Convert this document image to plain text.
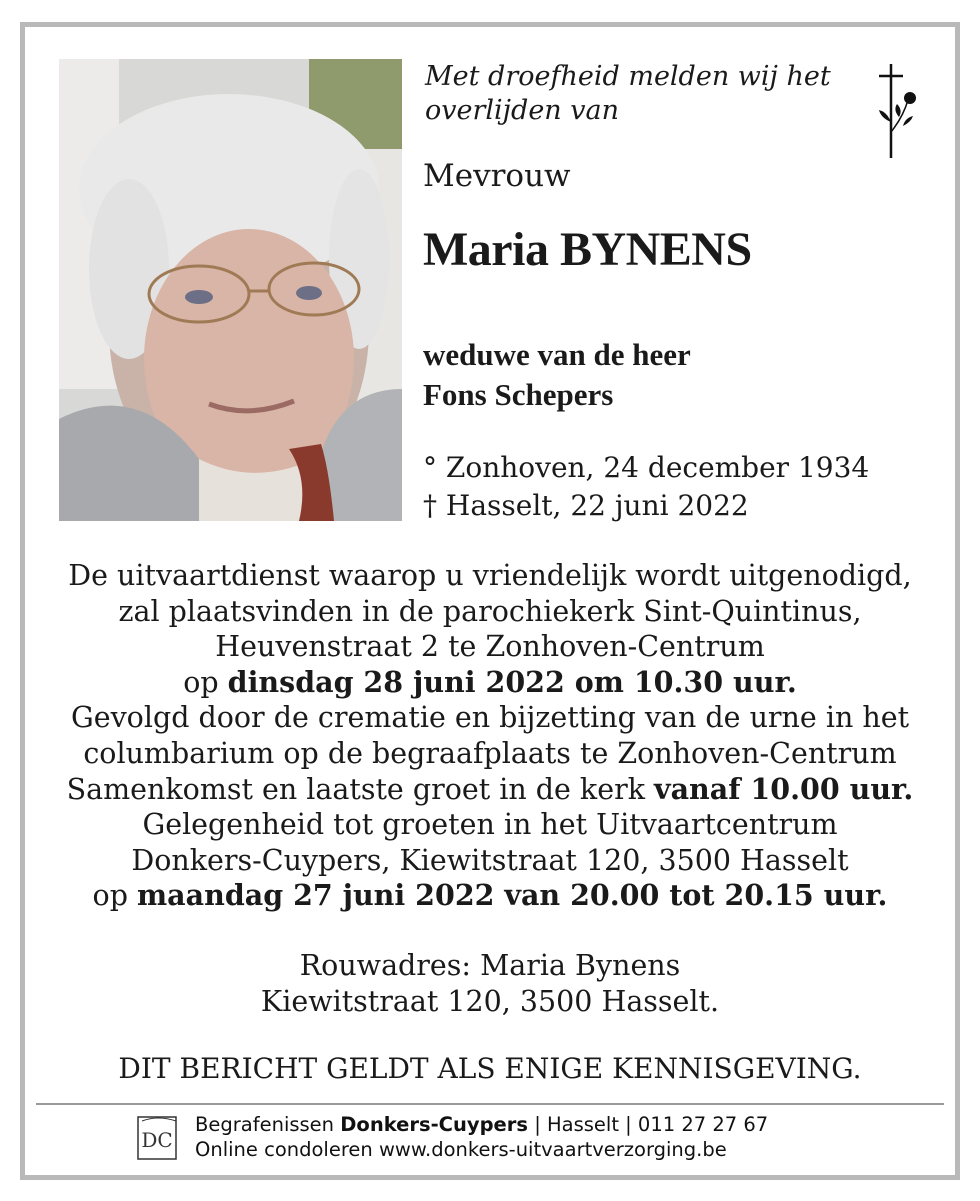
Met droefheid melden wij het overlijden van
Mevrouw
Maria BYNENS
weduwe van de heer
Fons Schepers
° Zonhoven, 24 december 1934
† Hasselt, 22 juni 2022
De uitvaartdienst waarop u vriendelijk wordt uitgenodigd,
zal plaatsvinden in de parochiekerk Sint-Quintinus,
Heuvenstraat 2 te Zonhoven-Centrum
op dinsdag 28 juni 2022 om 10.30 uur.
Gevolgd door de crematie en bijzetting van de urne in het
columbarium op de begraafplaats te Zonhoven-Centrum
Samenkomst en laatste groet in de kerk vanaf 10.00 uur.
Gelegenheid tot groeten in het Uitvaartcentrum
Donkers-Cuypers, Kiewitstraat 120, 3500 Hasselt
op maandag 27 juni 2022 van 20.00 tot 20.15 uur.
Rouwadres: Maria Bynens
Kiewitstraat 120, 3500 Hasselt.
DIT BERICHT GELDT ALS ENIGE KENNISGEVING.
DC
Begrafenissen Donkers-Cuypers | Hasselt | 011 27 27 67
Online condoleren www.donkers-uitvaartverzorging.be
